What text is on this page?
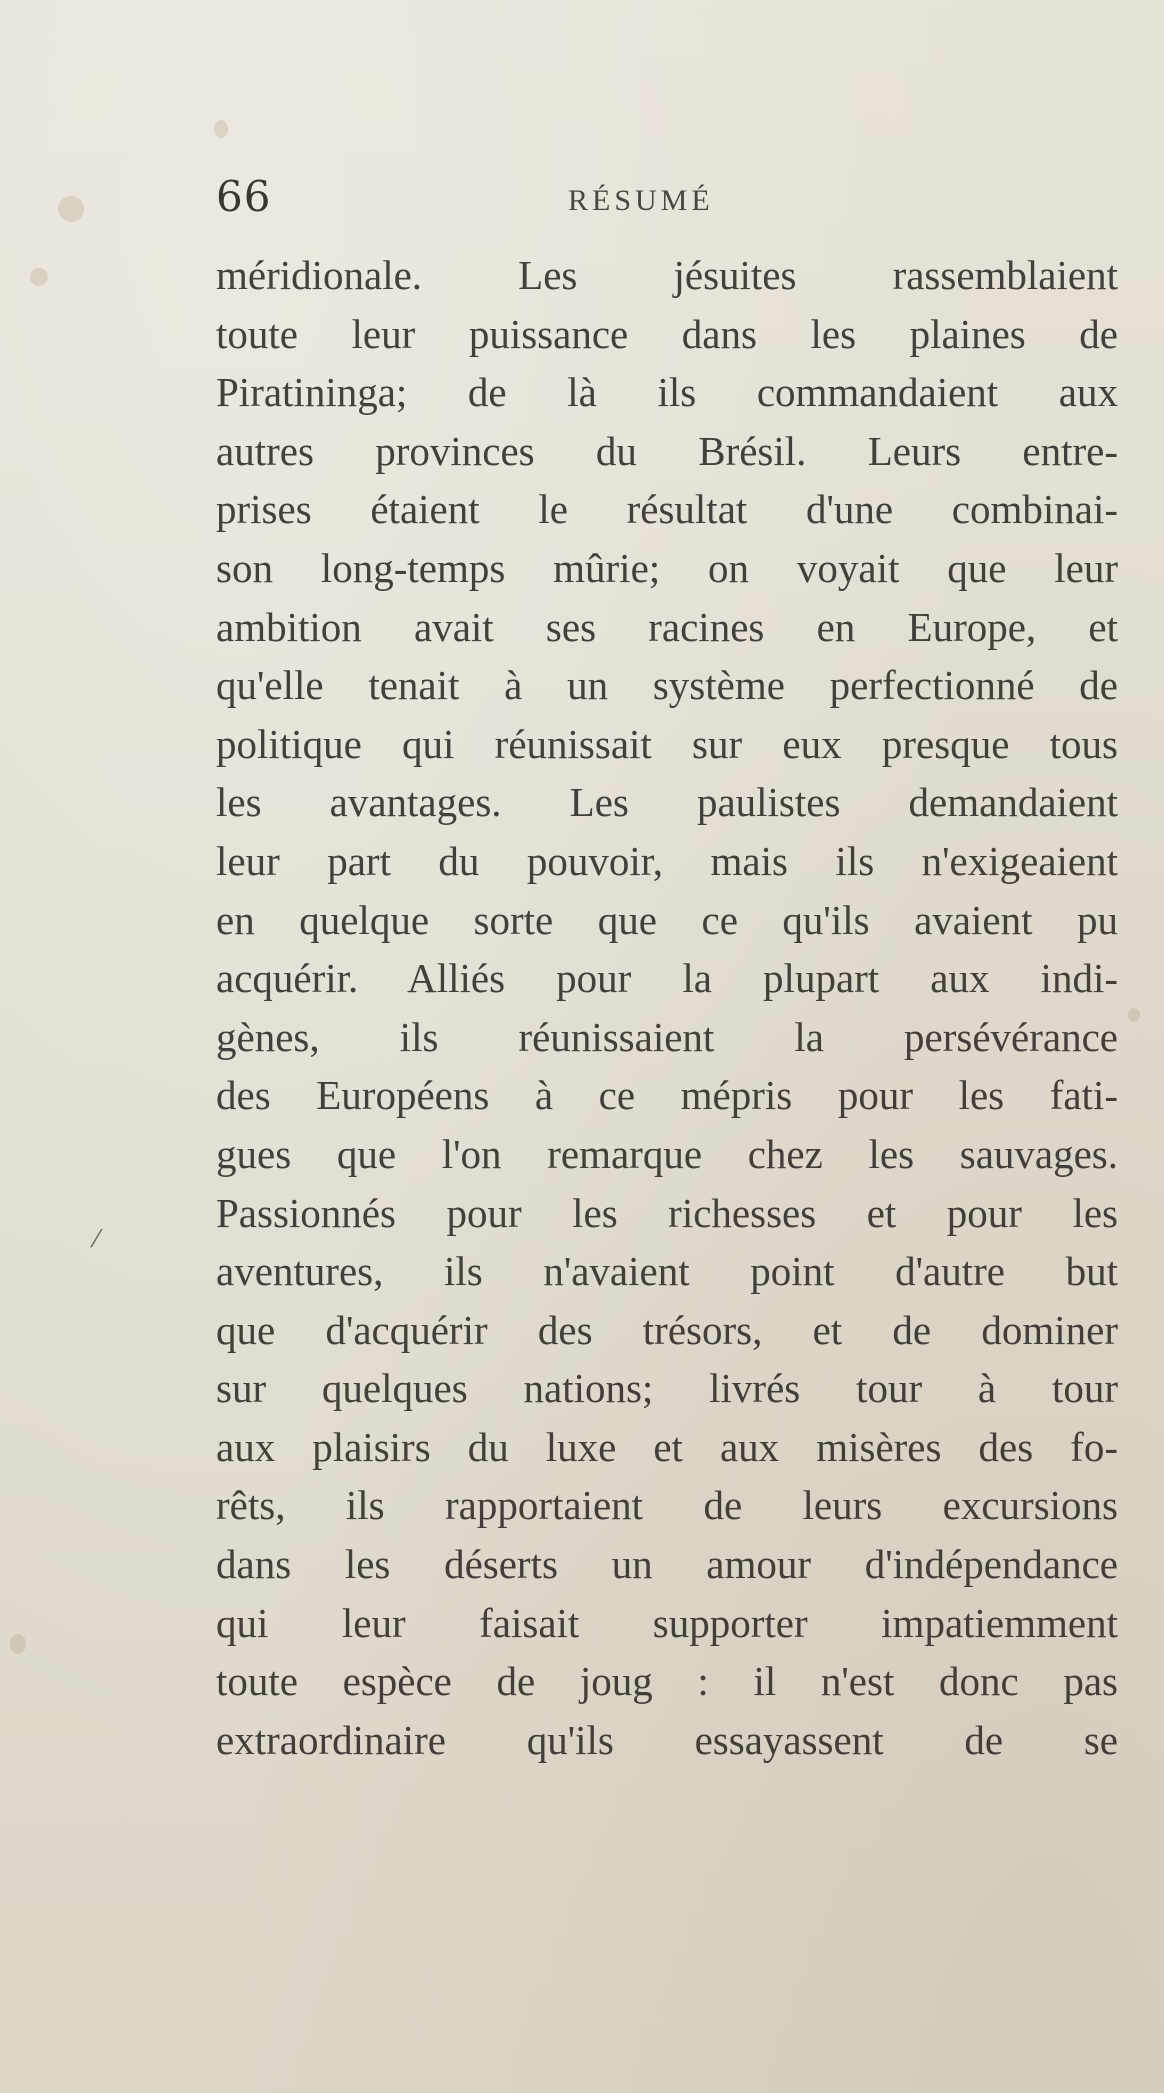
66	RÉSUMÉ
/
méridionale. Les jésuites rassemblaient
toute leur puissance dans les plaines de
Piratininga; de là ils commandaient aux
autres provinces du Brésil. Leurs entre-
prises étaient le résultat d'une combinai-
son long-temps mûrie; on voyait que leur
ambition avait ses racines en Europe, et
qu'elle tenait à un système perfectionné de
politique qui réunissait sur eux presque tous
les avantages. Les paulistes demandaient
leur part du pouvoir, mais ils n'exigeaient
en quelque sorte que ce qu'ils avaient pu
acquérir. Alliés pour la plupart aux indi-
gènes, ils réunissaient la persévérance
des Européens à ce mépris pour les fati-
gues que l'on remarque chez les sauvages.
Passionnés pour les richesses et pour les
aventures, ils n'avaient point d'autre but
que d'acquérir des trésors, et de dominer
sur quelques nations; livrés tour à tour
aux plaisirs du luxe et aux misères des fo-
rêts, ils rapportaient de leurs excursions
dans les déserts un amour d'indépendance
qui leur faisait supporter impatiemment
toute espèce de joug : il n'est donc pas
extraordinaire qu'ils essayassent de se
